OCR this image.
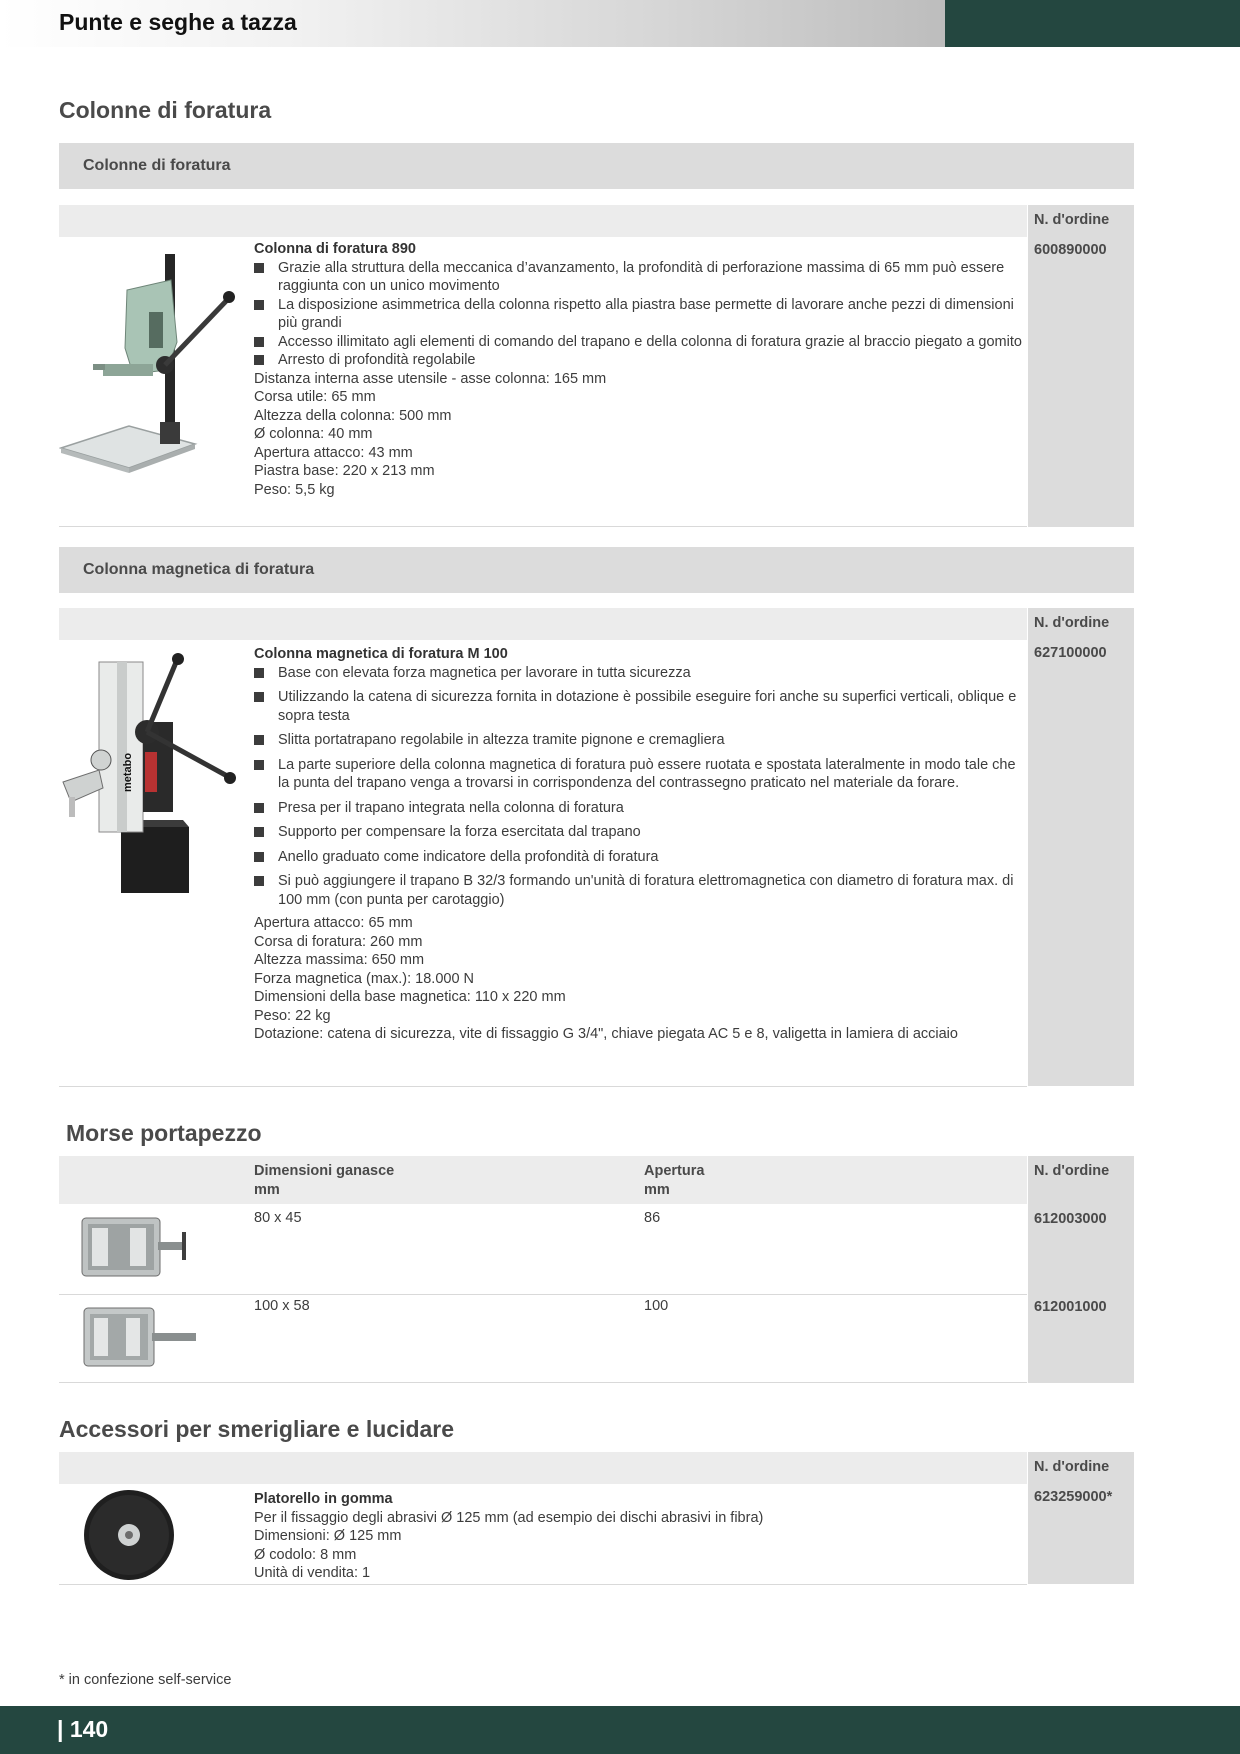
Punte e seghe a tazza
Colonne di foratura
Colonne di foratura
N. d'ordine
600890000
Colonna di foratura 890
Grazie alla struttura della meccanica d’avanzamento, la profondità di perforazione massima di 65 mm può essere raggiunta con un unico movimento
La disposizione asimmetrica della colonna rispetto alla piastra base permette di lavorare anche pezzi di dimensioni più grandi
Accesso illimitato agli elementi di comando del trapano e della colonna di foratura grazie al braccio piegato a gomito
Arresto di profondità regolabile
Distanza interna asse utensile - asse colonna: 165 mm
Corsa utile: 65 mm
Altezza della colonna: 500 mm
Ø colonna: 40 mm
Apertura attacco: 43 mm
Piastra base: 220 x 213 mm
Peso: 5,5 kg
Colonna magnetica di foratura
N. d'ordine
627100000
metabo
Colonna magnetica di foratura M 100
Base con elevata forza magnetica per lavorare in tutta sicurezza
Utilizzando la catena di sicurezza fornita in dotazione è possibile eseguire fori anche su superfici verticali, oblique e sopra testa
Slitta portatrapano regolabile in altezza tramite pignone e cremagliera
La parte superiore della colonna magnetica di foratura può essere ruotata e spostata lateralmente in modo tale che la punta del trapano venga a trovarsi in corrispondenza del contrassegno praticato nel materiale da forare.
Presa per il trapano integrata nella colonna di foratura
Supporto per compensare la forza esercitata dal trapano
Anello graduato come indicatore della profondità di foratura
Si può aggiungere il trapano B 32/3 formando un'unità di foratura elettromagnetica con diametro di foratura max. di 100 mm (con punta per carotaggio)
Apertura attacco: 65 mm
Corsa di foratura: 260 mm
Altezza massima: 650 mm
Forza magnetica (max.): 18.000 N
Dimensioni della base magnetica: 110 x 220 mm
Peso: 22 kg
Dotazione: catena di sicurezza, vite di fissaggio G 3/4", chiave piegata AC 5 e 8, valigetta in lamiera di acciaio
Morse portapezzo
Dimensioni ganasce
mm
Apertura
mm
N. d'ordine
612003000
612001000
80 x 45	86
100 x 58	100
Accessori per smerigliare e lucidare
N. d'ordine
623259000*
Platorello in gomma
Per il fissaggio degli abrasivi Ø 125 mm (ad esempio dei dischi abrasivi in fibra)
Dimensioni: Ø 125 mm
Ø codolo: 8 mm
Unità di vendita: 1
* in confezione self-service
| 140
